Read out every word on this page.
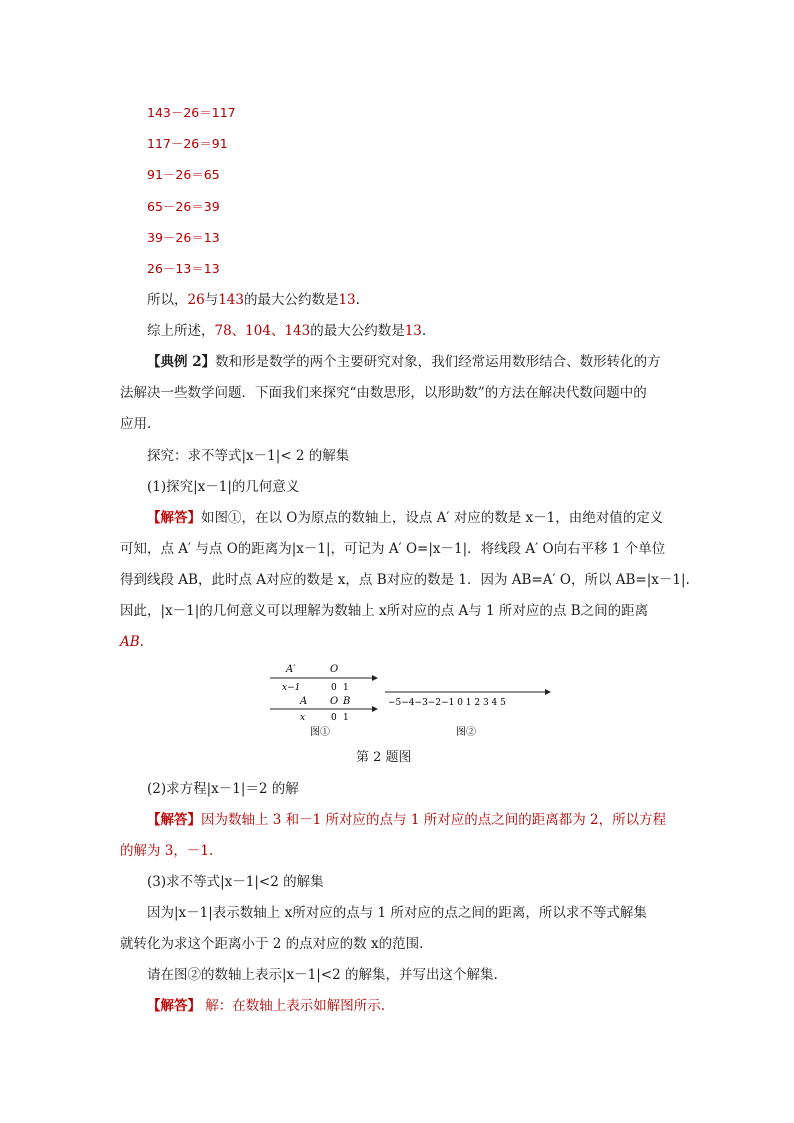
143－26＝117
117－26＝91
91－26＝65
65－26＝39
39－26＝13
26－13＝13
所以，26与143的最大公约数是13.
综上所述，78、104、143的最大公约数是13.
【典例 2】数和形是数学的两个主要研究对象，我们经常运用数形结合、数形转化的方
法解决一些数学问题．下面我们来探究“由数思形，以形助数”的方法在解决代数问题中的
应用.
探究：求不等式|x－1|< 2 的解集
(1)探究|x－1|的几何意义
【解答】如图①，在以 O为原点的数轴上，设点 A′ 对应的数是 x－1，由绝对值的定义
可知，点 A′ 与点 O的距离为|x－1|，可记为 A′ O=|x－1|．将线段 A′ O向右平移 1 个单位
得到线段 AB，此时点 A对应的数是 x，点 B对应的数是 1．因为 AB=A′ O，所以 AB=|x－1|.
因此，|x－1|的几何意义可以理解为数轴上 x所对应的点 A与 1 所对应的点 B之间的距离
AB.
A′	O
x−1	0 1
A O B
x	0 1
图①
−5−4−3−2−1 0 1 2 3 4 5
图②
第 2 题图
(2)求方程|x－1|＝2 的解
【解答】因为数轴上 3 和－1 所对应的点与 1 所对应的点之间的距离都为 2，所以方程
的解为 3，－1.
(3)求不等式|x－1|<2 的解集
因为|x－1|表示数轴上 x所对应的点与 1 所对应的点之间的距离，所以求不等式解集
就转化为求这个距离小于 2 的点对应的数 x的范围.
请在图②的数轴上表示|x－1|<2 的解集，并写出这个解集.
【解答】 解：在数轴上表示如解图所示.
